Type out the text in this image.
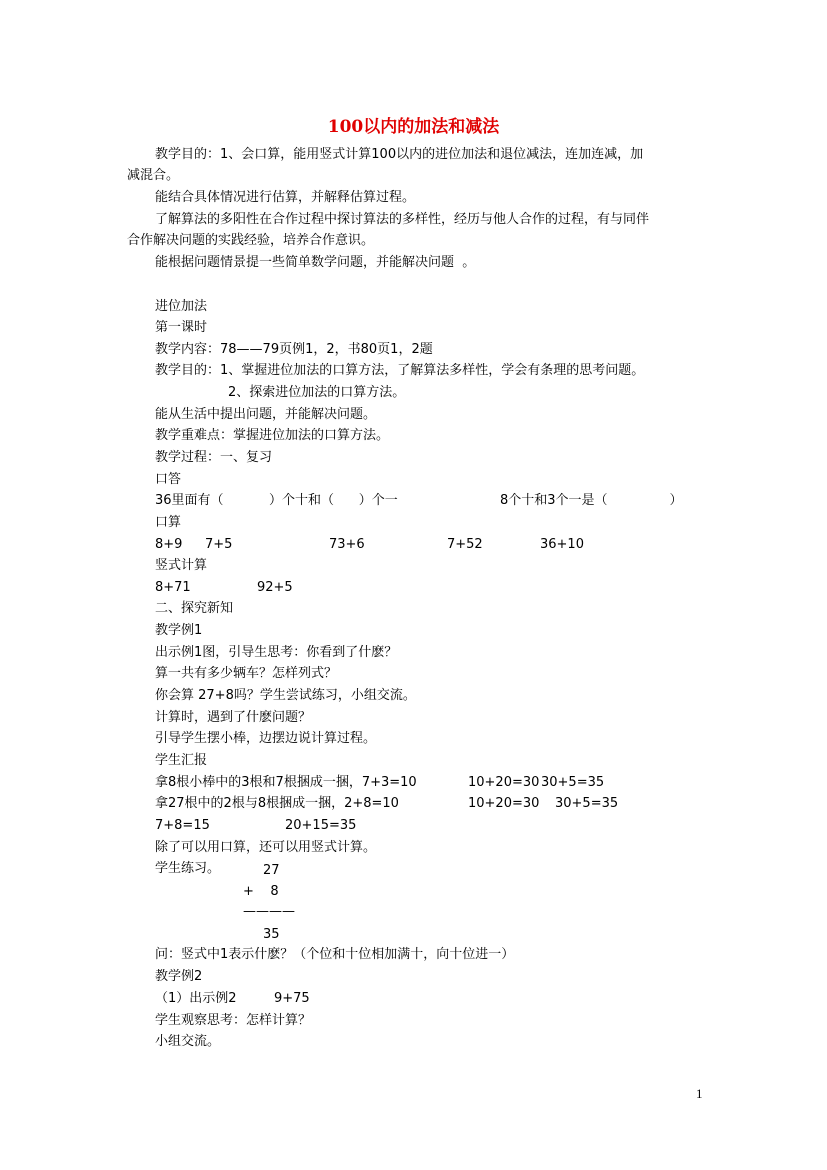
100以内的加法和减法
教学目的：1、会口算，能用竖式计算100以内的进位加法和退位减法，连加连减，加
减混合。
能结合具体情况进行估算，并解释估算过程。
了解算法的多阳性在合作过程中探讨算法的多样性，经历与他人合作的过程，有与同伴
合作解决问题的实践经验，培养合作意识。
能根据问题情景提一些简单数学问题，并能解决问题  。
进位加法
第一课时
教学内容：78——79页例1，2，书80页1，2题
教学目的：1、掌握进位加法的口算方法，了解算法多样性，学会有条理的思考问题。
2、探索进位加法的口算方法。
能从生活中提出问题，并能解决问题。
教学重难点：掌握进位加法的口算方法。
教学过程：一、复习
口答
36里面有（           ）个十和（      ）个一	8个十和3个一是（               ）
口算
8+9 7+5	73+6	7+52	36+10
竖式计算
8+71	92+5
二、探究新知
教学例1
出示例1图，引导生思考：你看到了什麽？
算一共有多少辆车？怎样列式？
你会算 27+8吗？学生尝试练习，小组交流。
计算时，遇到了什麽问题？
引导学生摆小棒，边摆边说计算过程。
学生汇报
拿8根小棒中的3根和7根捆成一捆，7+3=10	10+20=30 30+5=35
拿27根中的2根与8根捆成一捆，2+8=10	10+20=30 30+5=35
7+8=15	20+15=35
除了可以用口算，还可以用竖式计算。
学生练习。	27
+    8
————
35
问：竖式中1表示什麽？（个位和十位相加满十，向十位进一）
教学例2
（1）出示例2	9+75
学生观察思考：怎样计算？
小组交流。
1
